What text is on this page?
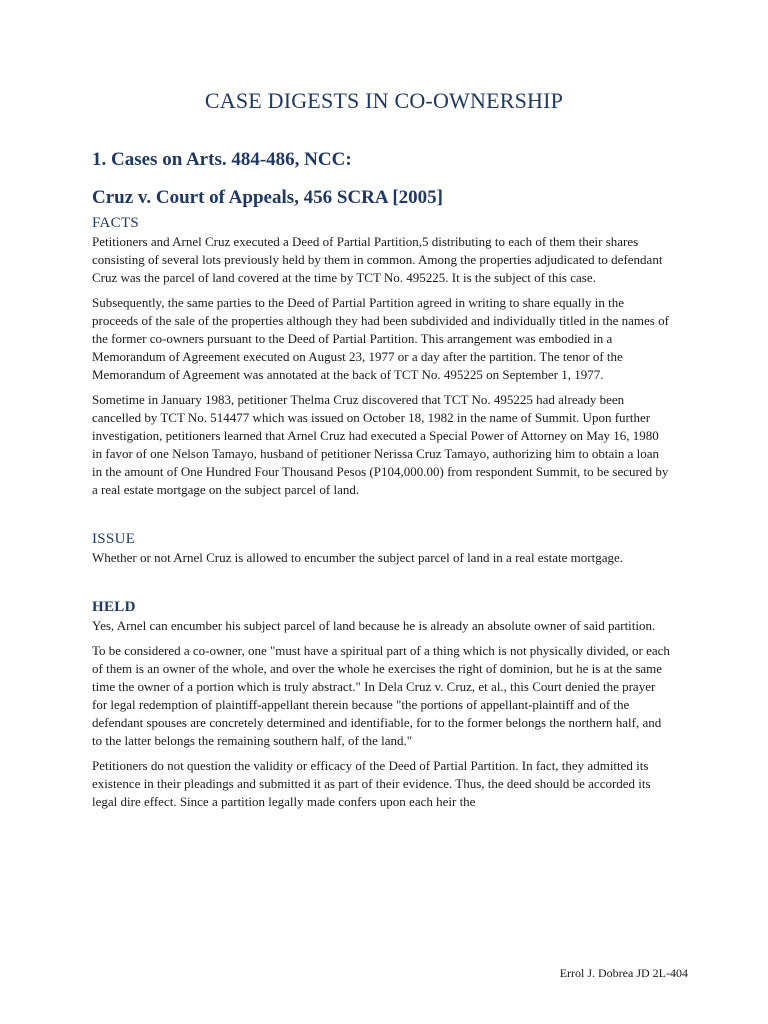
CASE DIGESTS IN CO-OWNERSHIP
1. Cases on Arts. 484-486, NCC:
Cruz v. Court of Appeals, 456 SCRA [2005]
FACTS

Petitioners and Arnel Cruz executed a Deed of Partial Partition,5 distributing to each of them their shares consisting of several lots previously held by them in common. Among the properties adjudicated to defendant Cruz was the parcel of land covered at the time by TCT No. 495225. It is the subject of this case.

Subsequently, the same parties to the Deed of Partial Partition agreed in writing to share equally in the proceeds of the sale of the properties although they had been subdivided and individually titled in the names of the former co-owners pursuant to the Deed of Partial Partition. This arrangement was embodied in a Memorandum of Agreement executed on August 23, 1977 or a day after the partition. The tenor of the Memorandum of Agreement was annotated at the back of TCT No. 495225 on September 1, 1977.

Sometime in January 1983, petitioner Thelma Cruz discovered that TCT No. 495225 had already been cancelled by TCT No. 514477 which was issued on October 18, 1982 in the name of Summit. Upon further investigation, petitioners learned that Arnel Cruz had executed a Special Power of Attorney on May 16, 1980 in favor of one Nelson Tamayo, husband of petitioner Nerissa Cruz Tamayo, authorizing him to obtain a loan in the amount of One Hundred Four Thousand Pesos (P104,000.00) from respondent Summit, to be secured by a real estate mortgage on the subject parcel of land.

ISSUE

Whether or not Arnel Cruz is allowed to encumber the subject parcel of land in a real estate mortgage.

HELD

Yes, Arnel can encumber his subject parcel of land because he is already an absolute owner of said partition.

To be considered a co-owner, one "must have a spiritual part of a thing which is not physically divided, or each of them is an owner of the whole, and over the whole he exercises the right of dominion, but he is at the same time the owner of a portion which is truly abstract." In Dela Cruz v. Cruz, et al., this Court denied the prayer for legal redemption of plaintiff-appellant therein because "the portions of appellant-plaintiff and of the defendant spouses are concretely determined and identifiable, for to the former belongs the northern half, and to the latter belongs the remaining southern half, of the land."

Petitioners do not question the validity or efficacy of the Deed of Partial Partition. In fact, they admitted its existence in their pleadings and submitted it as part of their evidence. Thus, the deed should be accorded its legal dire effect. Since a partition legally made confers upon each heir the

Errol J. Dobrea JD 2L-404
